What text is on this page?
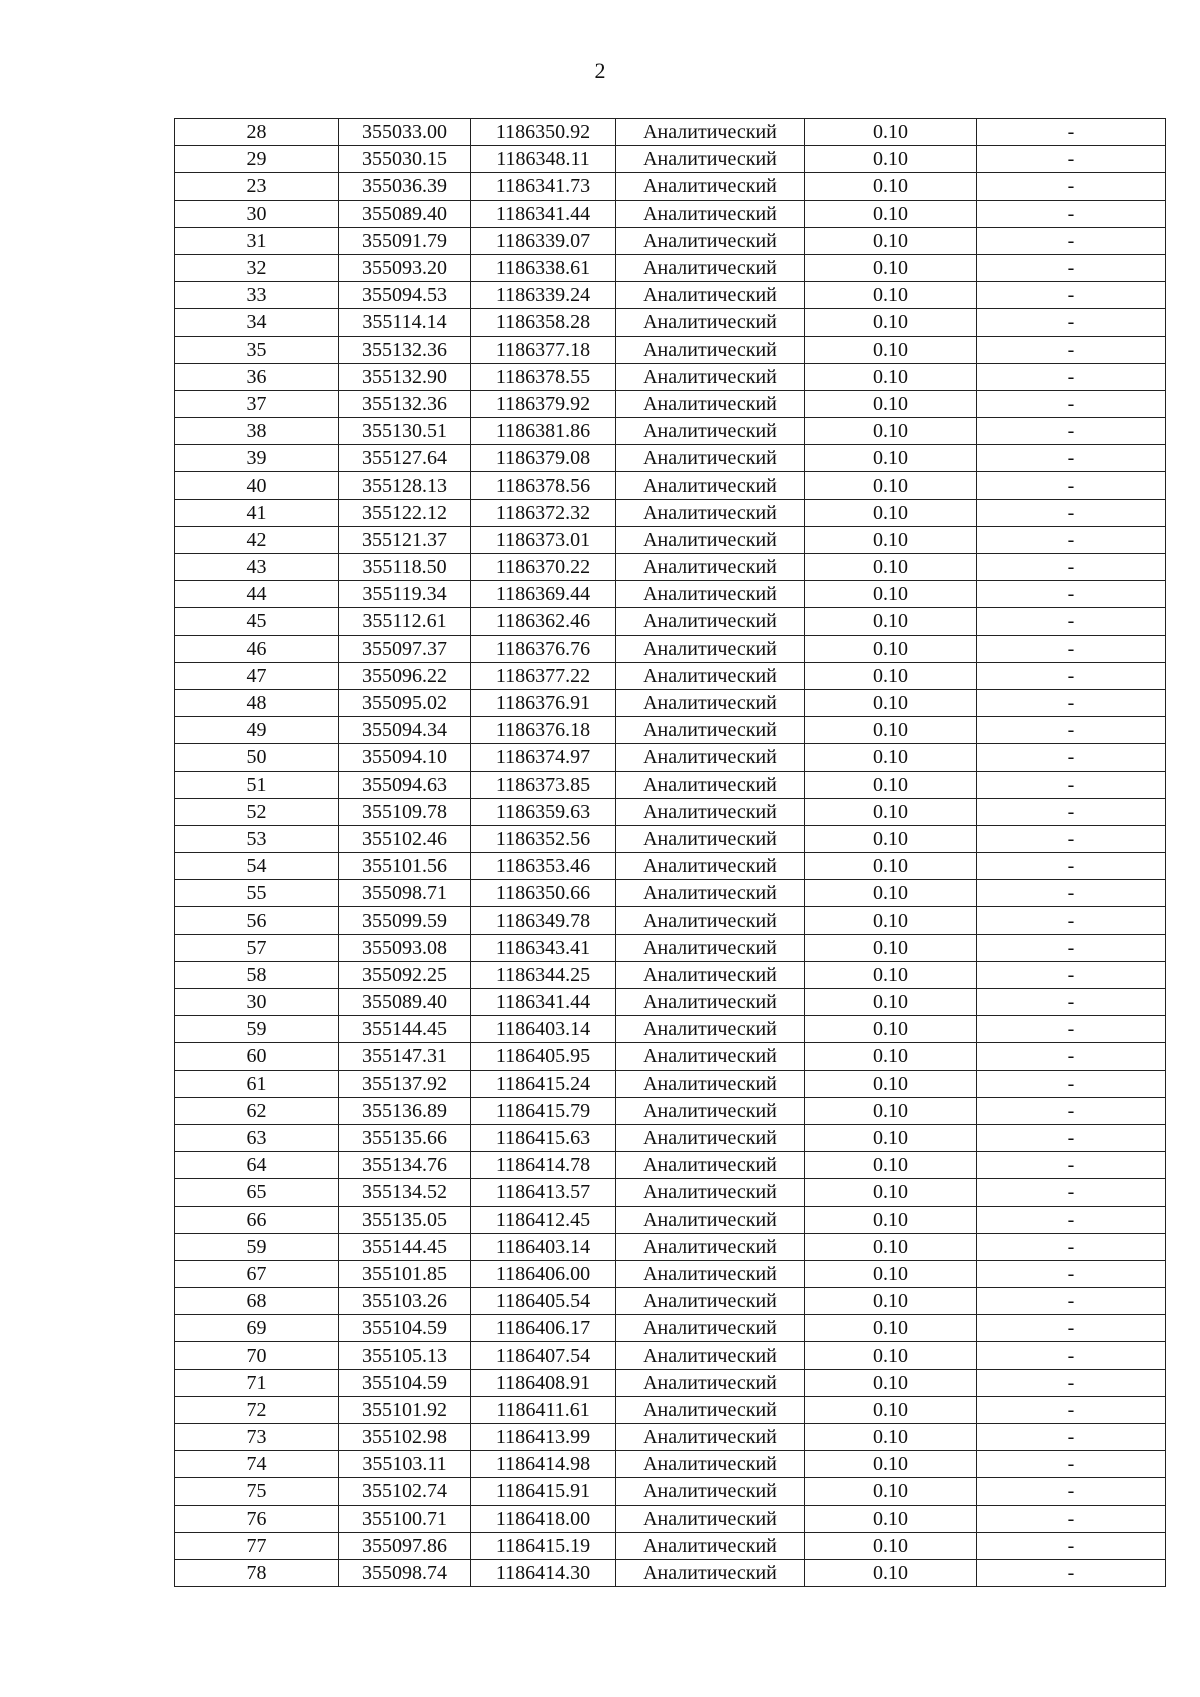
2
28	355033.00	1186350.92	Аналитический	0.10	-
29	355030.15	1186348.11	Аналитический	0.10	-
23	355036.39	1186341.73	Аналитический	0.10	-
30	355089.40	1186341.44	Аналитический	0.10	-
31	355091.79	1186339.07	Аналитический	0.10	-
32	355093.20	1186338.61	Аналитический	0.10	-
33	355094.53	1186339.24	Аналитический	0.10	-
34	355114.14	1186358.28	Аналитический	0.10	-
35	355132.36	1186377.18	Аналитический	0.10	-
36	355132.90	1186378.55	Аналитический	0.10	-
37	355132.36	1186379.92	Аналитический	0.10	-
38	355130.51	1186381.86	Аналитический	0.10	-
39	355127.64	1186379.08	Аналитический	0.10	-
40	355128.13	1186378.56	Аналитический	0.10	-
41	355122.12	1186372.32	Аналитический	0.10	-
42	355121.37	1186373.01	Аналитический	0.10	-
43	355118.50	1186370.22	Аналитический	0.10	-
44	355119.34	1186369.44	Аналитический	0.10	-
45	355112.61	1186362.46	Аналитический	0.10	-
46	355097.37	1186376.76	Аналитический	0.10	-
47	355096.22	1186377.22	Аналитический	0.10	-
48	355095.02	1186376.91	Аналитический	0.10	-
49	355094.34	1186376.18	Аналитический	0.10	-
50	355094.10	1186374.97	Аналитический	0.10	-
51	355094.63	1186373.85	Аналитический	0.10	-
52	355109.78	1186359.63	Аналитический	0.10	-
53	355102.46	1186352.56	Аналитический	0.10	-
54	355101.56	1186353.46	Аналитический	0.10	-
55	355098.71	1186350.66	Аналитический	0.10	-
56	355099.59	1186349.78	Аналитический	0.10	-
57	355093.08	1186343.41	Аналитический	0.10	-
58	355092.25	1186344.25	Аналитический	0.10	-
30	355089.40	1186341.44	Аналитический	0.10	-
59	355144.45	1186403.14	Аналитический	0.10	-
60	355147.31	1186405.95	Аналитический	0.10	-
61	355137.92	1186415.24	Аналитический	0.10	-
62	355136.89	1186415.79	Аналитический	0.10	-
63	355135.66	1186415.63	Аналитический	0.10	-
64	355134.76	1186414.78	Аналитический	0.10	-
65	355134.52	1186413.57	Аналитический	0.10	-
66	355135.05	1186412.45	Аналитический	0.10	-
59	355144.45	1186403.14	Аналитический	0.10	-
67	355101.85	1186406.00	Аналитический	0.10	-
68	355103.26	1186405.54	Аналитический	0.10	-
69	355104.59	1186406.17	Аналитический	0.10	-
70	355105.13	1186407.54	Аналитический	0.10	-
71	355104.59	1186408.91	Аналитический	0.10	-
72	355101.92	1186411.61	Аналитический	0.10	-
73	355102.98	1186413.99	Аналитический	0.10	-
74	355103.11	1186414.98	Аналитический	0.10	-
75	355102.74	1186415.91	Аналитический	0.10	-
76	355100.71	1186418.00	Аналитический	0.10	-
77	355097.86	1186415.19	Аналитический	0.10	-
78	355098.74	1186414.30	Аналитический	0.10	-
